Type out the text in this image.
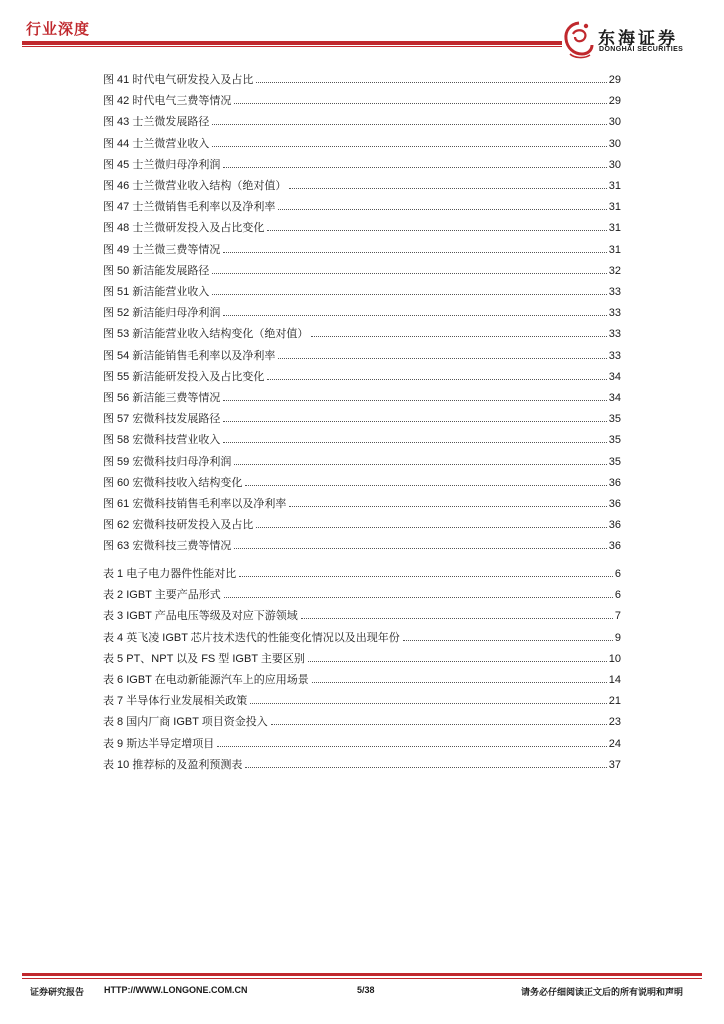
行业深度	东海证券
DONGHAI SECURITIES
图 41 时代电气研发投入及占比	29
图 42 时代电气三费等情况	29
图 43 士兰微发展路径	30
图 44 士兰微营业收入	30
图 45 士兰微归母净利润	30
图 46 士兰微营业收入结构（绝对值）	31
图 47 士兰微销售毛利率以及净利率	31
图 48 士兰微研发投入及占比变化	31
图 49 士兰微三费等情况	31
图 50 新洁能发展路径	32
图 51 新洁能营业收入	33
图 52 新洁能归母净利润	33
图 53 新洁能营业收入结构变化（绝对值）	33
图 54 新洁能销售毛利率以及净利率	33
图 55 新洁能研发投入及占比变化	34
图 56 新洁能三费等情况	34
图 57 宏微科技发展路径	35
图 58 宏微科技营业收入	35
图 59 宏微科技归母净利润	35
图 60 宏微科技收入结构变化	36
图 61 宏微科技销售毛利率以及净利率	36
图 62 宏微科技研发投入及占比	36
图 63 宏微科技三费等情况	36
表 1 电子电力器件性能对比	6
表 2 IGBT 主要产品形式	6
表 3 IGBT 产品电压等级及对应下游领域	7
表 4 英飞凌 IGBT 芯片技术迭代的性能变化情况以及出现年份	9
表 5 PT、NPT 以及 FS 型 IGBT 主要区别	10
表 6 IGBT 在电动新能源汽车上的应用场景	14
表 7 半导体行业发展相关政策	21
表 8 国内厂商 IGBT 项目资金投入	23
表 9 斯达半导定增项目	24
表 10 推荐标的及盈利预测表	37
证券研究报告 HTTP://WWW.LONGONE.COM.CN	5/38	请务必仔细阅读正文后的所有说明和声明
